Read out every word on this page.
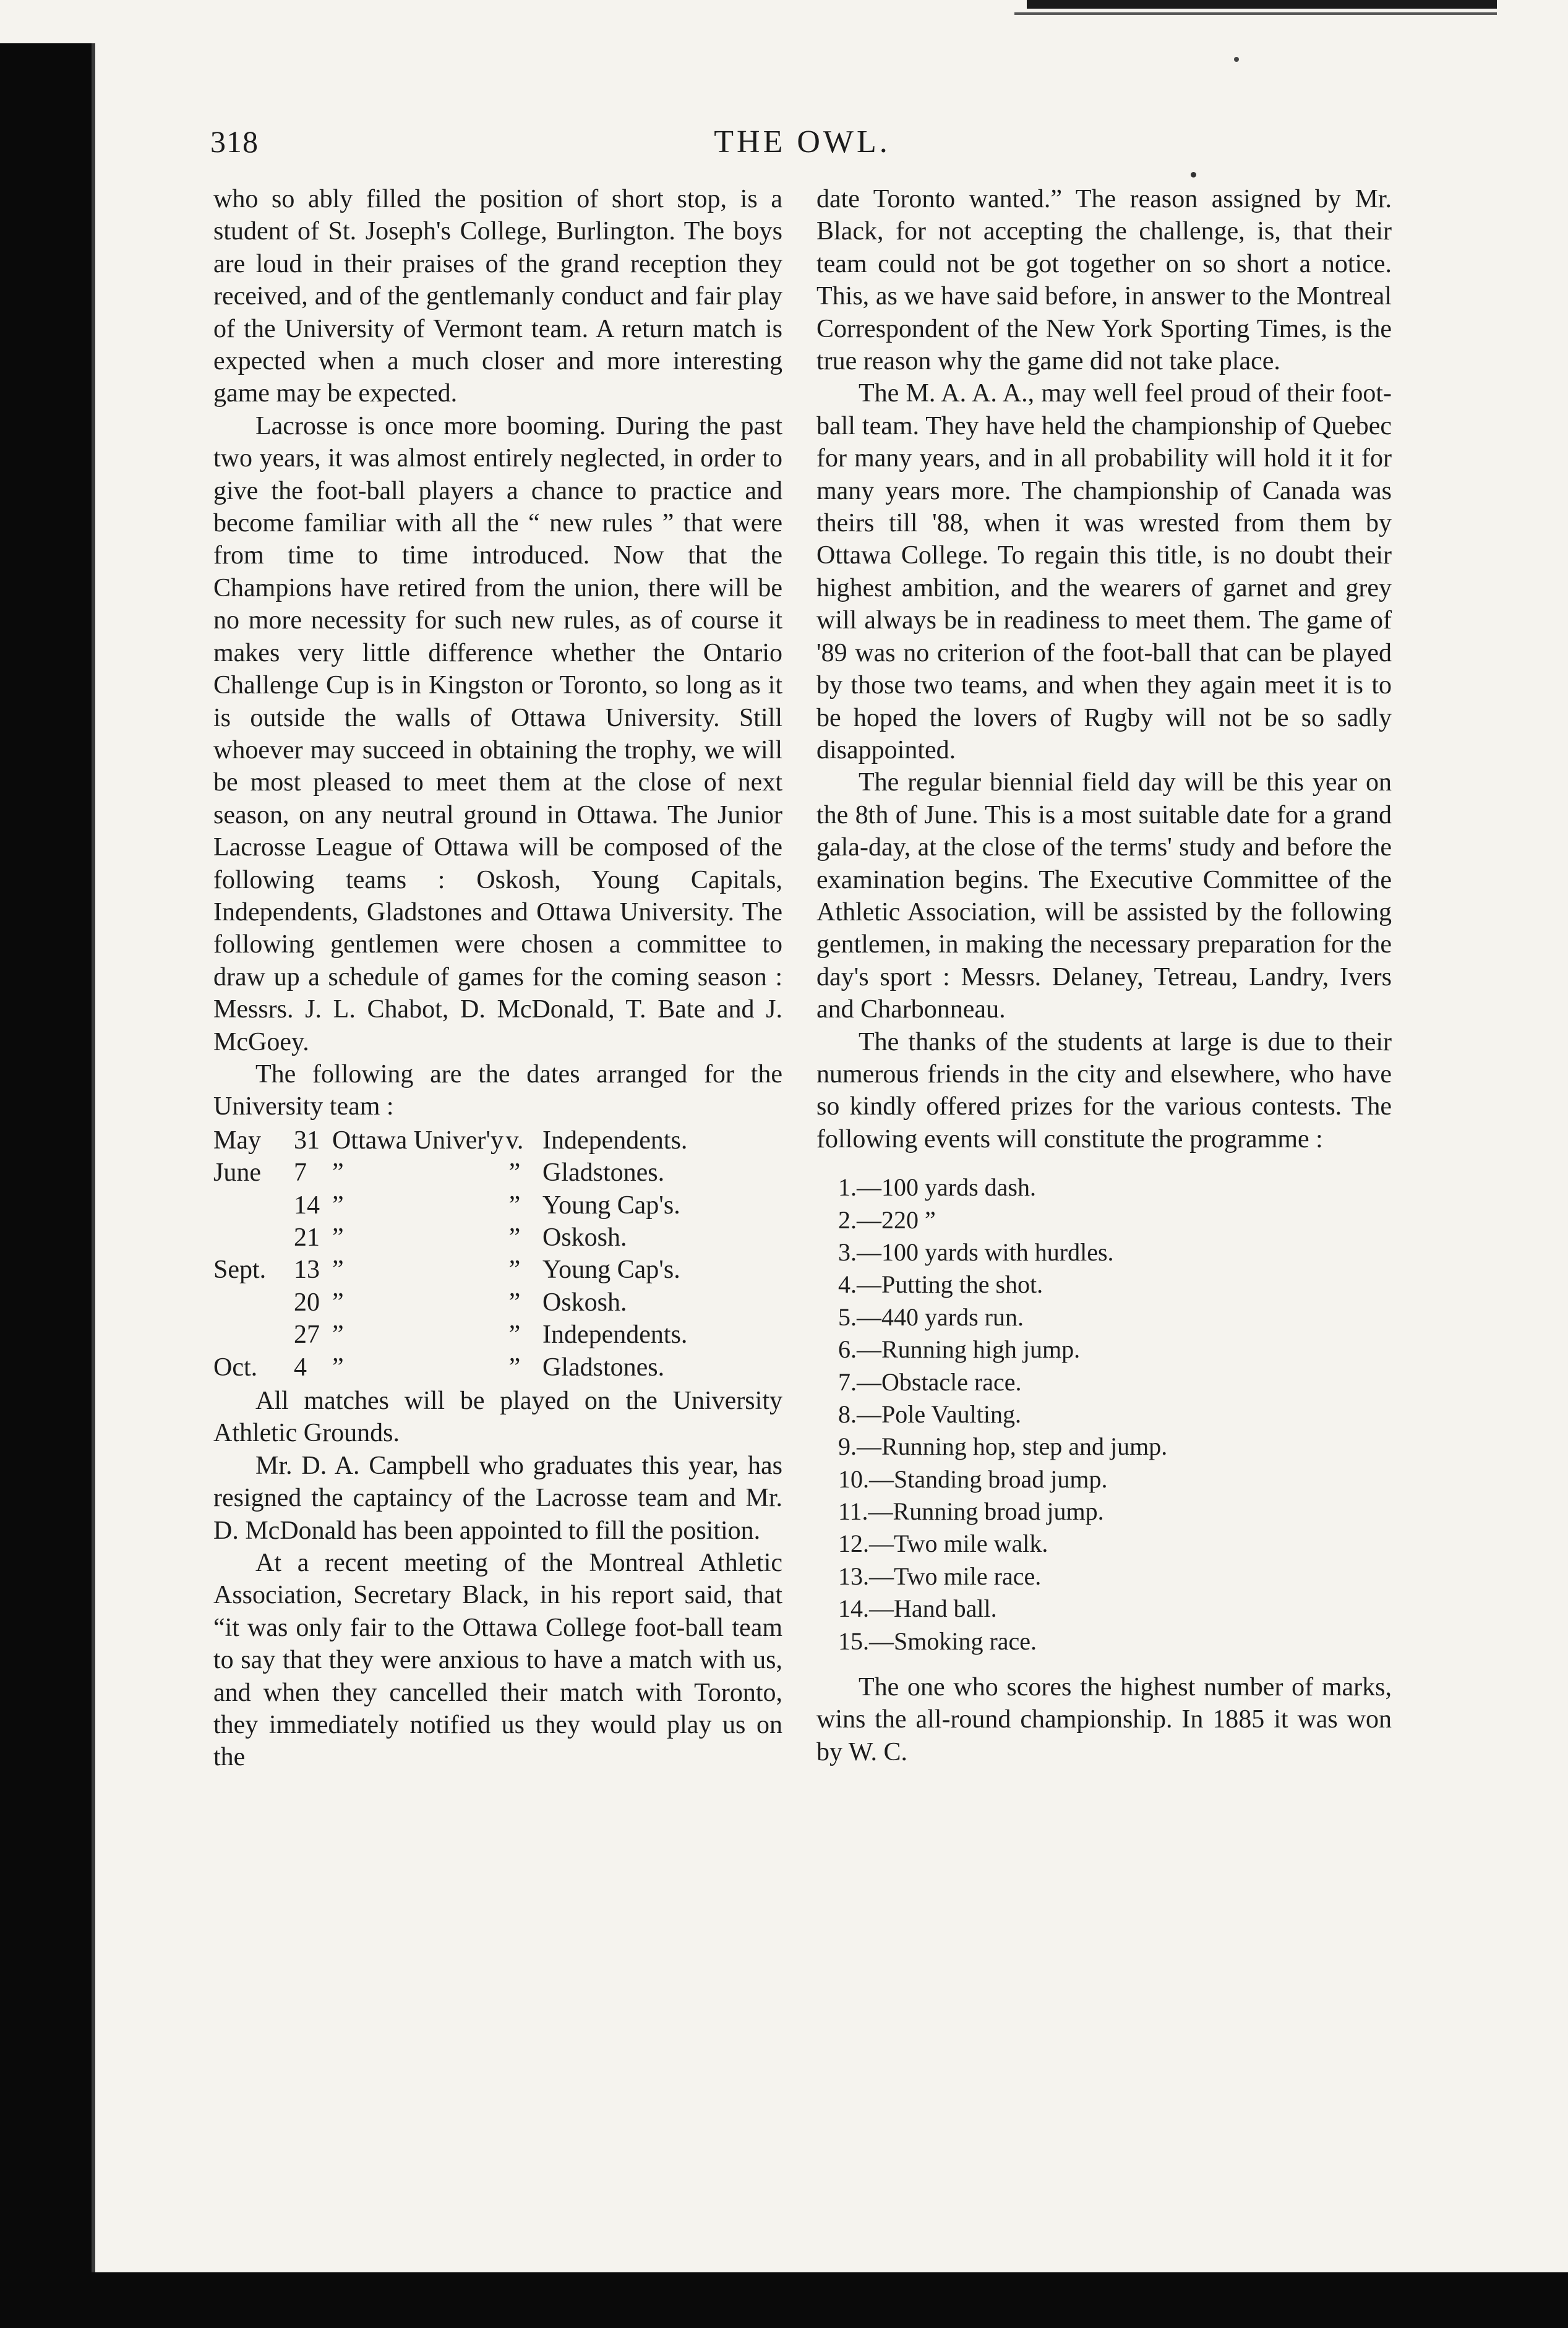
318	THE OWL.

who so ably filled the position of short stop, is a student of St. Joseph's College, Burlington. The boys are loud in their praises of the grand reception they received, and of the gentlemanly conduct and fair play of the University of Vermont team. A return match is expected when a much closer and more interesting game may be expected.

Lacrosse is once more booming. During the past two years, it was almost entirely neglected, in order to give the foot-ball players a chance to practice and become familiar with all the “ new rules ” that were from time to time introduced. Now that the Champions have retired from the union, there will be no more necessity for such new rules, as of course it makes very little difference whether the Ontario Challenge Cup is in Kingston or Toronto, so long as it is outside the walls of Ottawa University. Still whoever may succeed in obtaining the trophy, we will be most pleased to meet them at the close of next season, on any neutral ground in Ottawa. The Junior Lacrosse League of Ottawa will be composed of the following teams : Oskosh, Young Capitals, Independents, Gladstones and Ottawa University. The following gentlemen were chosen a committee to draw up a schedule of games for the coming season : Messrs. J. L. Chabot, D. McDonald, T. Bate and J. McGoey.

The following are the dates arranged for the University team :

May	31 Ottawa Univer'y v. Independents.
June	7 ”	” Gladstones.
14 ”	” Young Cap's.
21 ”	” Oskosh.
Sept.	13 ”	” Young Cap's.
20 ”	” Oskosh.
27 ”	” Independents.
Oct.	4 ”	” Gladstones.

All matches will be played on the University Athletic Grounds.

Mr. D. A. Campbell who graduates this year, has resigned the captaincy of the Lacrosse team and Mr. D. McDonald has been appointed to fill the position.

At a recent meeting of the Montreal Athletic Association, Secretary Black, in his report said, that “it was only fair to the Ottawa College foot-ball team to say that they were anxious to have a match with us, and when they cancelled their match with Toronto, they immediately notified us they would play us on the

date Toronto wanted.” The reason assigned by Mr. Black, for not accepting the challenge, is, that their team could not be got together on so short a notice. This, as we have said before, in answer to the Montreal Correspondent of the New York Sporting Times, is the true reason why the game did not take place.

The M. A. A. A., may well feel proud of their foot-ball team. They have held the championship of Quebec for many years, and in all probability will hold it it for many years more. The championship of Canada was theirs till '88, when it was wrested from them by Ottawa College. To regain this title, is no doubt their highest ambition, and the wearers of garnet and grey will always be in readiness to meet them. The game of '89 was no criterion of the foot-ball that can be played by those two teams, and when they again meet it is to be hoped the lovers of Rugby will not be so sadly disappointed.

The regular biennial field day will be this year on the 8th of June. This is a most suitable date for a grand gala-day, at the close of the terms' study and before the examination begins. The Executive Committee of the Athletic Association, will be assisted by the following gentlemen, in making the necessary preparation for the day's sport : Messrs. Delaney, Tetreau, Landry, Ivers and Charbonneau.

The thanks of the students at large is due to their numerous friends in the city and elsewhere, who have so kindly offered prizes for the various contests. The following events will constitute the programme :

1.—100 yards dash.
2.—220 ”
3.—100 yards with hurdles.
4.—Putting the shot.
5.—440 yards run.
6.—Running high jump.
7.—Obstacle race.
8.—Pole Vaulting.
9.—Running hop, step and jump.
10.—Standing broad jump.
11.—Running broad jump.
12.—Two mile walk.
13.—Two mile race.
14.—Hand ball.
15.—Smoking race.

The one who scores the highest number of marks, wins the all-round championship. In 1885 it was won by W. C.
